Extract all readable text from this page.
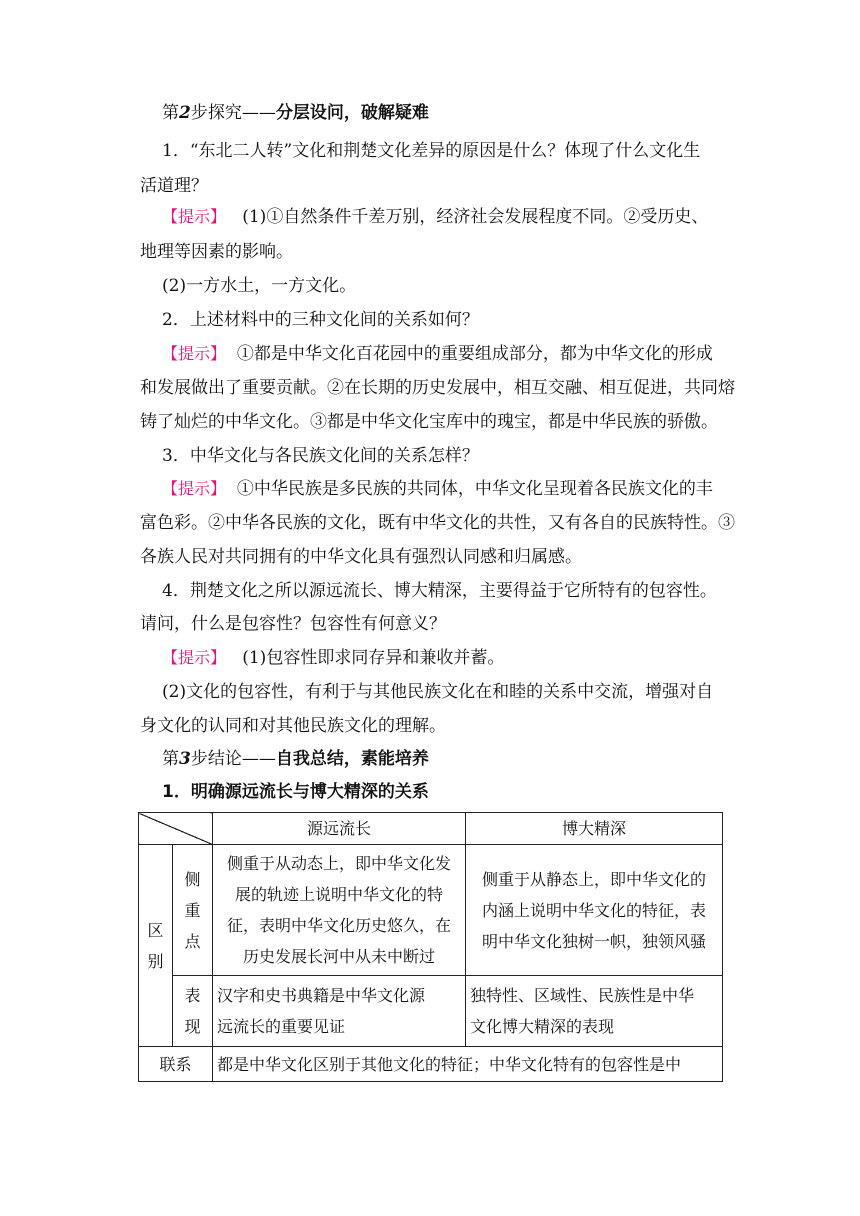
第2步探究——分层设问，破解疑难
1．“东北二人转”文化和荆楚文化差异的原因是什么？体现了什么文化生
活道理？
【提示】 (1)①自然条件千差万别，经济社会发展程度不同。②受历史、
地理等因素的影响。
(2)一方水土，一方文化。
2．上述材料中的三种文化间的关系如何？
【提示】 ①都是中华文化百花园中的重要组成部分，都为中华文化的形成
和发展做出了重要贡献。②在长期的历史发展中，相互交融、相互促进，共同熔
铸了灿烂的中华文化。③都是中华文化宝库中的瑰宝，都是中华民族的骄傲。
3．中华文化与各民族文化间的关系怎样？
【提示】 ①中华民族是多民族的共同体，中华文化呈现着各民族文化的丰
富色彩。②中华各民族的文化，既有中华文化的共性，又有各自的民族特性。③
各族人民对共同拥有的中华文化具有强烈认同感和归属感。
4．荆楚文化之所以源远流长、博大精深，主要得益于它所特有的包容性。
请问，什么是包容性？包容性有何意义？
【提示】 (1)包容性即求同存异和兼收并蓄。
(2)文化的包容性，有利于与其他民族文化在和睦的关系中交流，增强对自
身文化的认同和对其他民族文化的理解。
第3步结论——自我总结，素能培养
1．明确源远流长与博大精深的关系
		源远流长	博大精深

区
别	侧
重
点	侧重于从动态上，即中华文化发
展的轨迹上说明中华文化的特
征，表明中华文化历史悠久，在
历史发展长河中从未中断过	侧重于从静态上，即中华文化的
内涵上说明中华文化的特征，表
明中华文化独树一帜，独领风骚

	表
现	汉字和史书典籍是中华文化源
远流长的重要见证	独特性、区域性、民族性是中华
文化博大精深的表现

联系		都是中华文化区别于其他文化的特征；中华文化特有的包容性是中	
